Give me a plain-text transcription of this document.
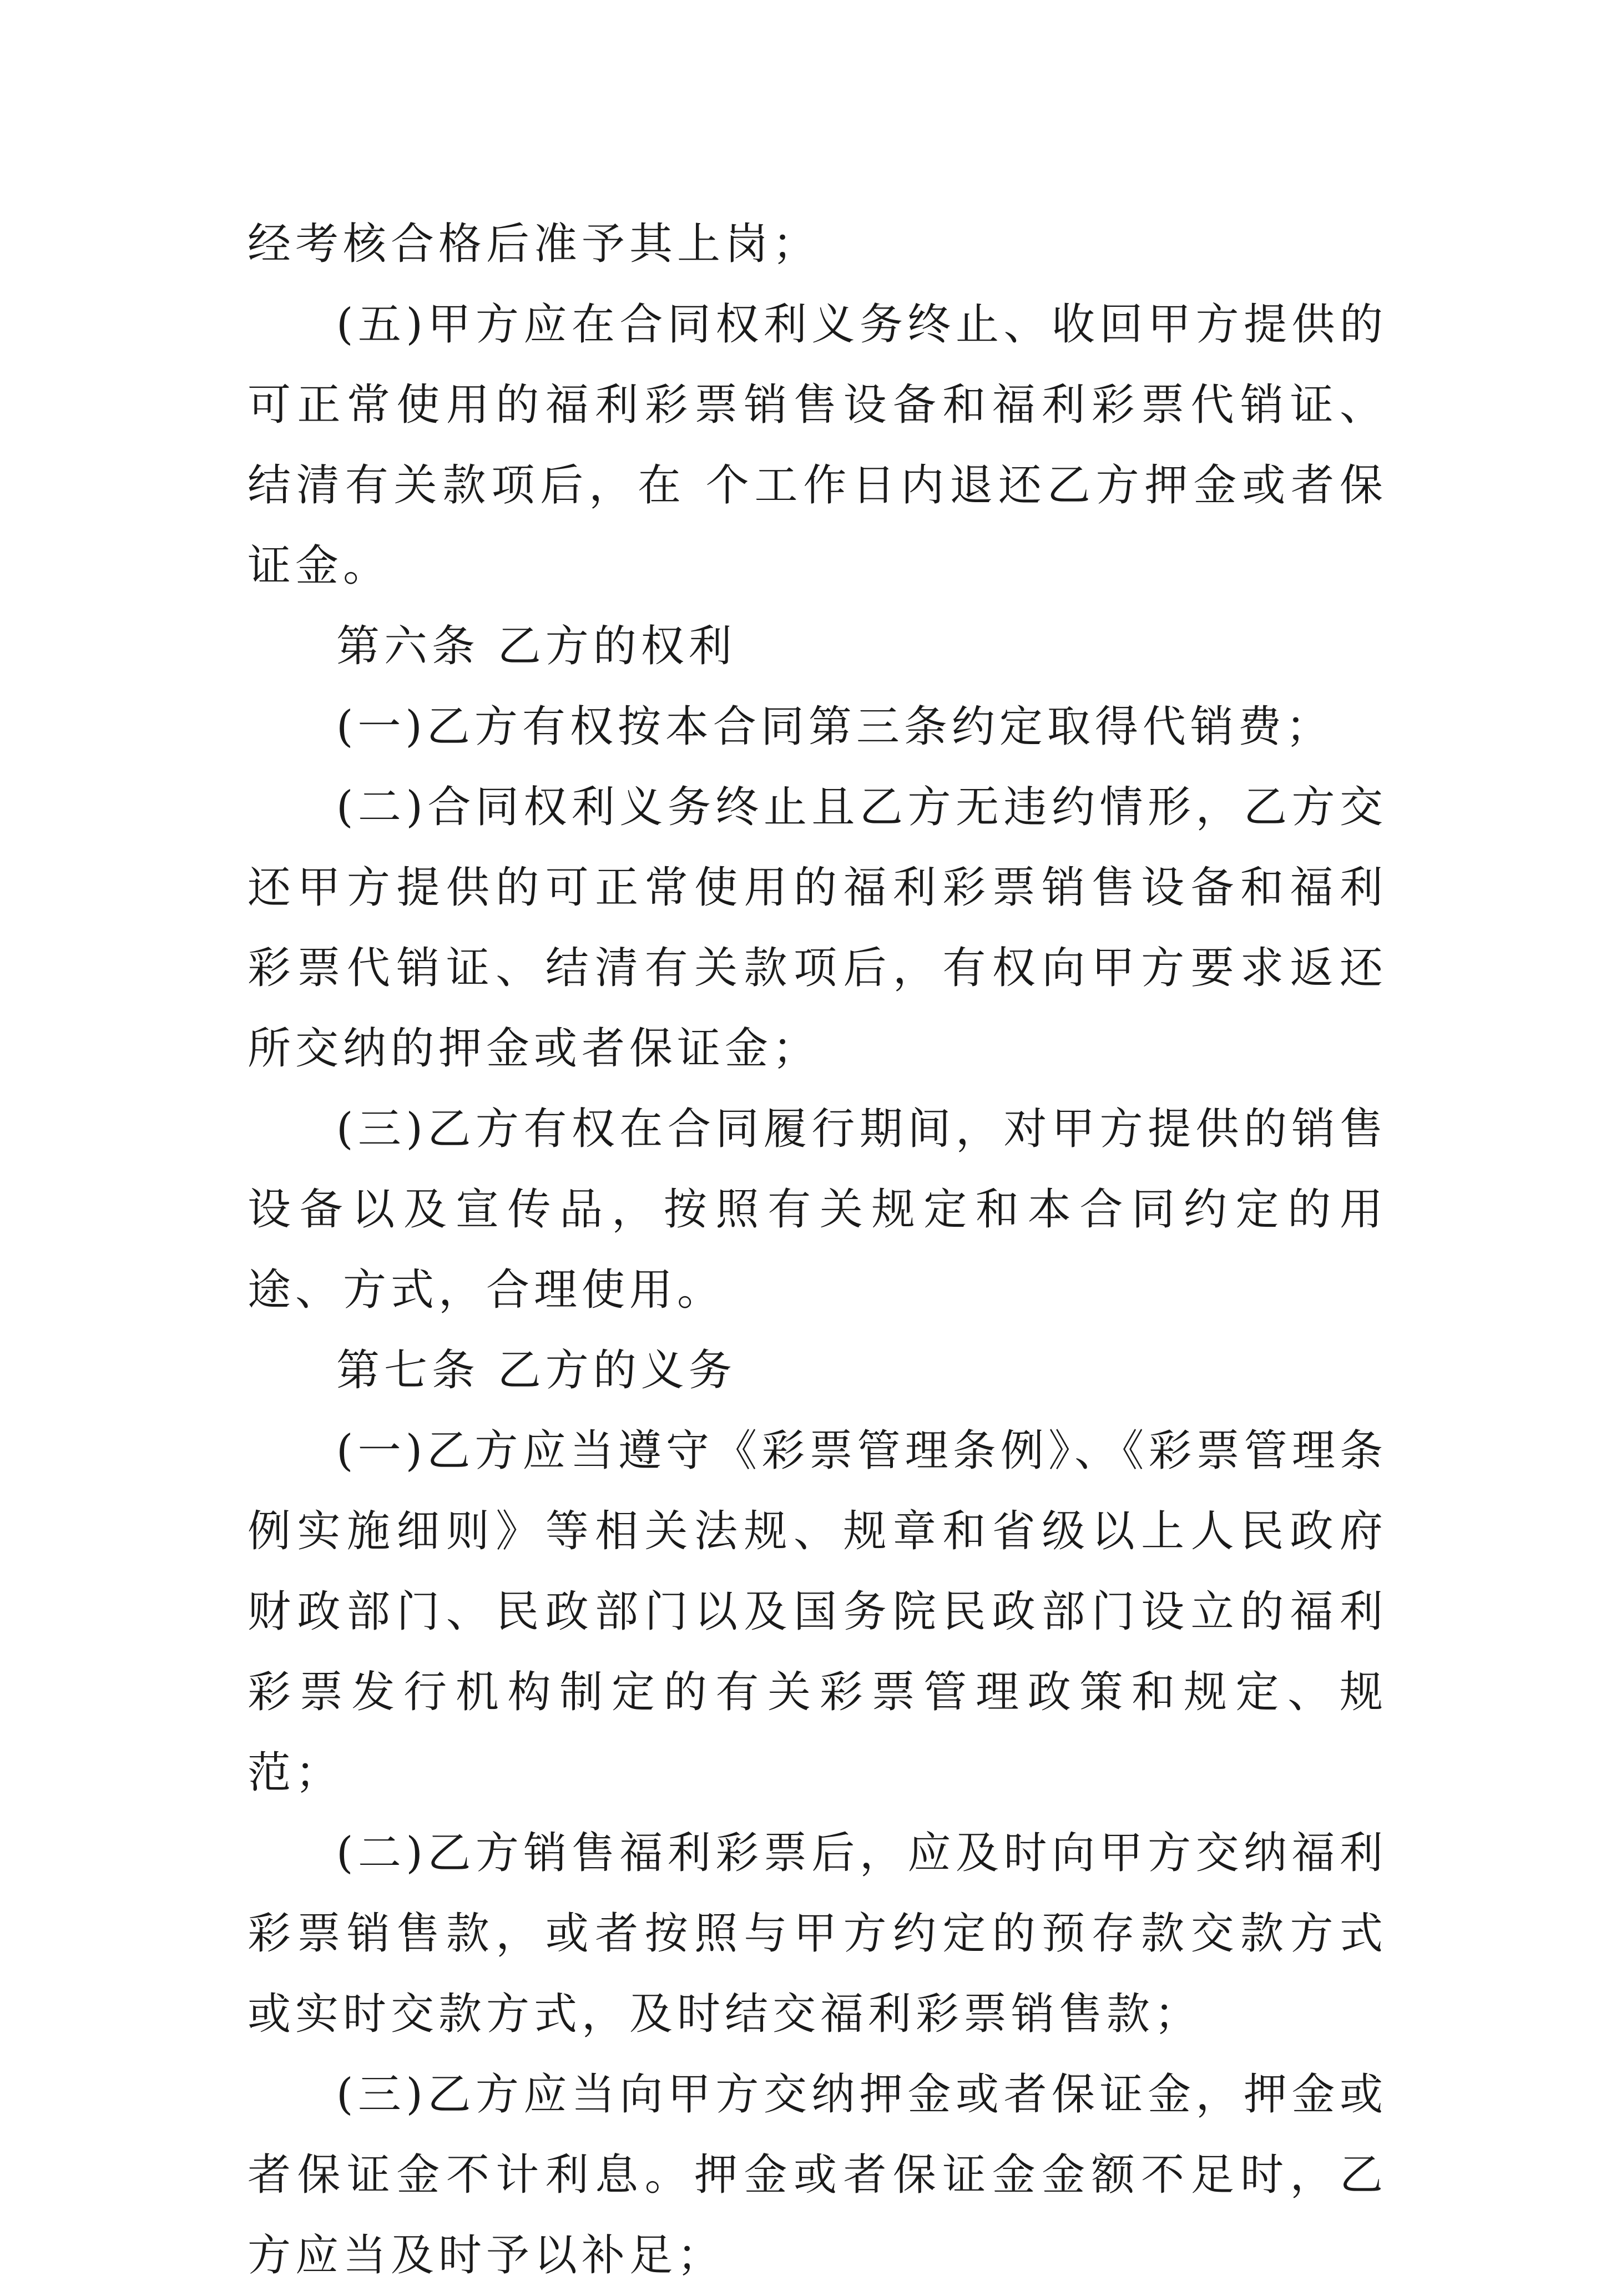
经考核合格后准予其上岗；

(五)甲方应在合同权利义务终止、收回甲方提供的可正常使用的福利彩票销售设备和福利彩票代销证、结清有关款项后，在 个工作日内退还乙方押金或者保证金。

第六条 乙方的权利

(一)乙方有权按本合同第三条约定取得代销费；

(二)合同权利义务终止且乙方无违约情形，乙方交还甲方提供的可正常使用的福利彩票销售设备和福利彩票代销证、结清有关款项后，有权向甲方要求返还所交纳的押金或者保证金；

(三)乙方有权在合同履行期间，对甲方提供的销售设备以及宣传品，按照有关规定和本合同约定的用途、方式，合理使用。

第七条 乙方的义务

(一)乙方应当遵守《彩票管理条例》、《彩票管理条例实施细则》等相关法规、规章和省级以上人民政府财政部门、民政部门以及国务院民政部门设立的福利彩票发行机构制定的有关彩票管理政策和规定、规范；

(二)乙方销售福利彩票后，应及时向甲方交纳福利彩票销售款，或者按照与甲方约定的预存款交款方式或实时交款方式，及时结交福利彩票销售款；

(三)乙方应当向甲方交纳押金或者保证金，押金或者保证金不计利息。押金或者保证金金额不足时，乙方应当及时予以补足；
